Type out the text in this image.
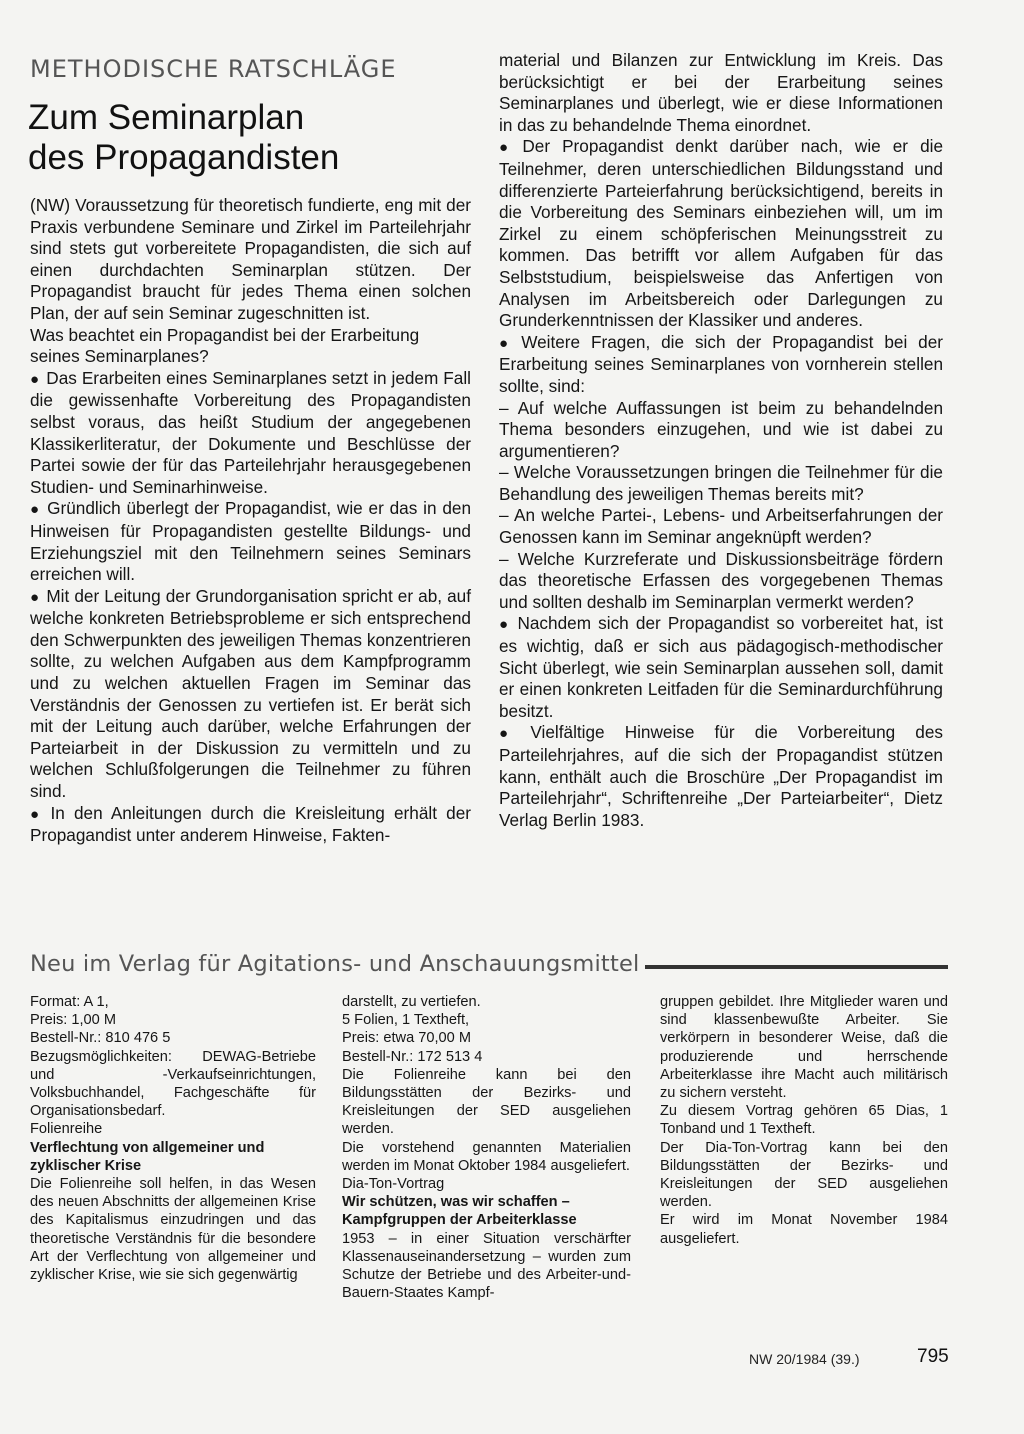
METHODISCHE RATSCHLÄGE
Zum Seminarplan
des Propagandisten

(NW) Voraussetzung für theoretisch fundierte, eng mit der Praxis verbundene Seminare und Zirkel im Parteilehrjahr sind stets gut vorbereitete Propagandisten, die sich auf einen durchdachten Seminarplan stützen. Der Propagandist braucht für jedes Thema einen solchen Plan, der auf sein Seminar zugeschnitten ist.

Was beachtet ein Propagandist bei der Erarbeitung seines Seminarplanes?

● Das Erarbeiten eines Seminarplanes setzt in jedem Fall die gewissenhafte Vorbereitung des Propagandisten selbst voraus, das heißt Studium der angegebenen Klassikerliteratur, der Dokumente und Beschlüsse der Partei sowie der für das Parteilehrjahr herausgegebenen Studien- und Seminarhinweise.

● Gründlich überlegt der Propagandist, wie er das in den Hinweisen für Propagandisten gestellte Bildungs- und Erziehungsziel mit den Teilnehmern seines Seminars erreichen will.

● Mit der Leitung der Grundorganisation spricht er ab, auf welche konkreten Betriebsprobleme er sich entsprechend den Schwerpunkten des jeweiligen Themas konzentrieren sollte, zu welchen Aufgaben aus dem Kampfprogramm und zu welchen aktuellen Fragen im Seminar das Verständnis der Genossen zu vertiefen ist. Er berät sich mit der Leitung auch darüber, welche Erfahrungen der Parteiarbeit in der Diskussion zu vermitteln und zu welchen Schlußfolgerungen die Teilnehmer zu führen sind.

● In den Anleitungen durch die Kreisleitung erhält der Propagandist unter anderem Hinweise, Fakten-

material und Bilanzen zur Entwicklung im Kreis. Das berücksichtigt er bei der Erarbeitung seines Seminarplanes und überlegt, wie er diese Informationen in das zu behandelnde Thema einordnet.

● Der Propagandist denkt darüber nach, wie er die Teilnehmer, deren unterschiedlichen Bildungsstand und differenzierte Parteierfahrung berücksichtigend, bereits in die Vorbereitung des Seminars einbeziehen will, um im Zirkel zu einem schöpferischen Meinungsstreit zu kommen. Das betrifft vor allem Aufgaben für das Selbststudium, beispielsweise das Anfertigen von Analysen im Arbeitsbereich oder Darlegungen zu Grunderkenntnissen der Klassiker und anderes.

● Weitere Fragen, die sich der Propagandist bei der Erarbeitung seines Seminarplanes von vornherein stellen sollte, sind:

– Auf welche Auffassungen ist beim zu behandelnden Thema besonders einzugehen, und wie ist dabei zu argumentieren?

– Welche Voraussetzungen bringen die Teilnehmer für die Behandlung des jeweiligen Themas bereits mit?

– An welche Partei-, Lebens- und Arbeitserfahrungen der Genossen kann im Seminar angeknüpft werden?

– Welche Kurzreferate und Diskussionsbeiträge fördern das theoretische Erfassen des vorgegebenen Themas und sollten deshalb im Seminarplan vermerkt werden?

● Nachdem sich der Propagandist so vorbereitet hat, ist es wichtig, daß er sich aus pädagogisch-methodischer Sicht überlegt, wie sein Seminarplan aussehen soll, damit er einen konkreten Leitfaden für die Seminardurchführung besitzt.

● Vielfältige Hinweise für die Vorbereitung des Parteilehrjahres, auf die sich der Propagandist stützen kann, enthält auch die Broschüre „Der Propagandist im Parteilehrjahr“, Schriftenreihe „Der Parteiarbeiter“, Dietz Verlag Berlin 1983.

Neu im Verlag für Agitations- und Anschauungsmittel

Format: A 1,

Preis: 1,00 M

Bestell-Nr.: 810 476 5

Bezugsmöglichkeiten: DEWAG-Betriebe und -Verkaufseinrichtungen, Volksbuchhandel, Fachgeschäfte für Organisationsbedarf.

Folienreihe

Verflechtung von allgemeiner und zyklischer Krise

Die Folienreihe soll helfen, in das Wesen des neuen Abschnitts der allgemeinen Krise des Kapitalismus einzudringen und das theoretische Verständnis für die besondere Art der Verflechtung von allgemeiner und zyklischer Krise, wie sie sich gegenwärtig

darstellt, zu vertiefen.

5 Folien, 1 Textheft,

Preis: etwa 70,00 M

Bestell-Nr.: 172 513 4

Die Folienreihe kann bei den Bildungsstätten der Bezirks- und Kreisleitungen der SED ausgeliehen werden.

Die vorstehend genannten Materialien werden im Monat Oktober 1984 ausgeliefert.

Dia-Ton-Vortrag

Wir schützen, was wir schaffen – Kampfgruppen der Arbeiterklasse

1953 – in einer Situation verschärfter Klassenauseinandersetzung – wurden zum Schutze der Betriebe und des Arbeiter-und-Bauern-Staates Kampf-

gruppen gebildet. Ihre Mitglieder waren und sind klassenbewußte Arbeiter. Sie verkörpern in besonderer Weise, daß die produzierende und herrschende Arbeiterklasse ihre Macht auch militärisch zu sichern versteht.

Zu diesem Vortrag gehören 65 Dias, 1 Tonband und 1 Textheft.

Der Dia-Ton-Vortrag kann bei den Bildungsstätten der Bezirks- und Kreisleitungen der SED ausgeliehen werden.

Er wird im Monat November 1984 ausgeliefert.

NW 20/1984 (39.)	795
